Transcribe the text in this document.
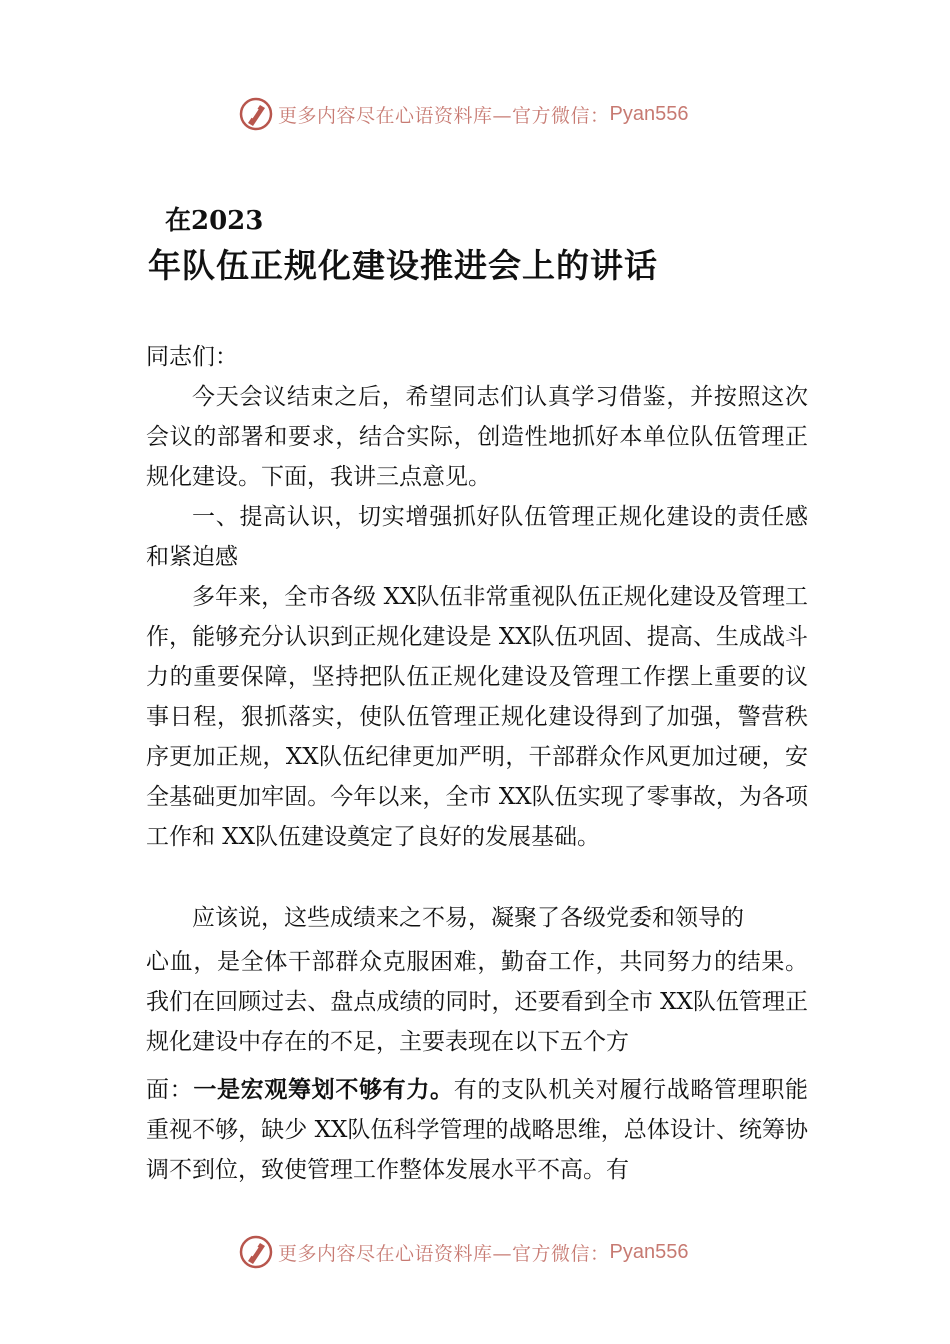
更多内容尽在心语资料库—官方微信： Pyan556
在2023
年队伍正规化建设推进会上的讲话
同志们：

今天会议结束之后，希望同志们认真学习借鉴，并按照这次会议的部署和要求，结合实际，创造性地抓好本单位队伍管理正规化建设。下面，我讲三点意见。

一、提高认识，切实增强抓好队伍管理正规化建设的责任感和紧迫感

多年来，全市各级 XX队伍非常重视队伍正规化建设及管理工作，能够充分认识到正规化建设是 XX队伍巩固、提高、生成战斗力的重要保障，坚持把队伍正规化建设及管理工作摆上重要的议事日程，狠抓落实，使队伍管理正规化建设得到了加强，警营秩序更加正规，XX队伍纪律更加严明，干部群众作风更加过硬，安全基础更加牢固。今年以来，全市 XX队伍实现了零事故，为各项工作和 XX队伍建设奠定了良好的发展基础。

应该说，这些成绩来之不易，凝聚了各级党委和领导的

心血，是全体干部群众克服困难，勤奋工作，共同努力的结果。我们在回顾过去、盘点成绩的同时，还要看到全市 XX队伍管理正规化建设中存在的不足，主要表现在以下五个方

面：一是宏观筹划不够有力。有的支队机关对履行战略管理职能重视不够，缺少 XX队伍科学管理的战略思维，总体设计、统筹协调不到位，致使管理工作整体发展水平不高。有

更多内容尽在心语资料库—官方微信： Pyan556
